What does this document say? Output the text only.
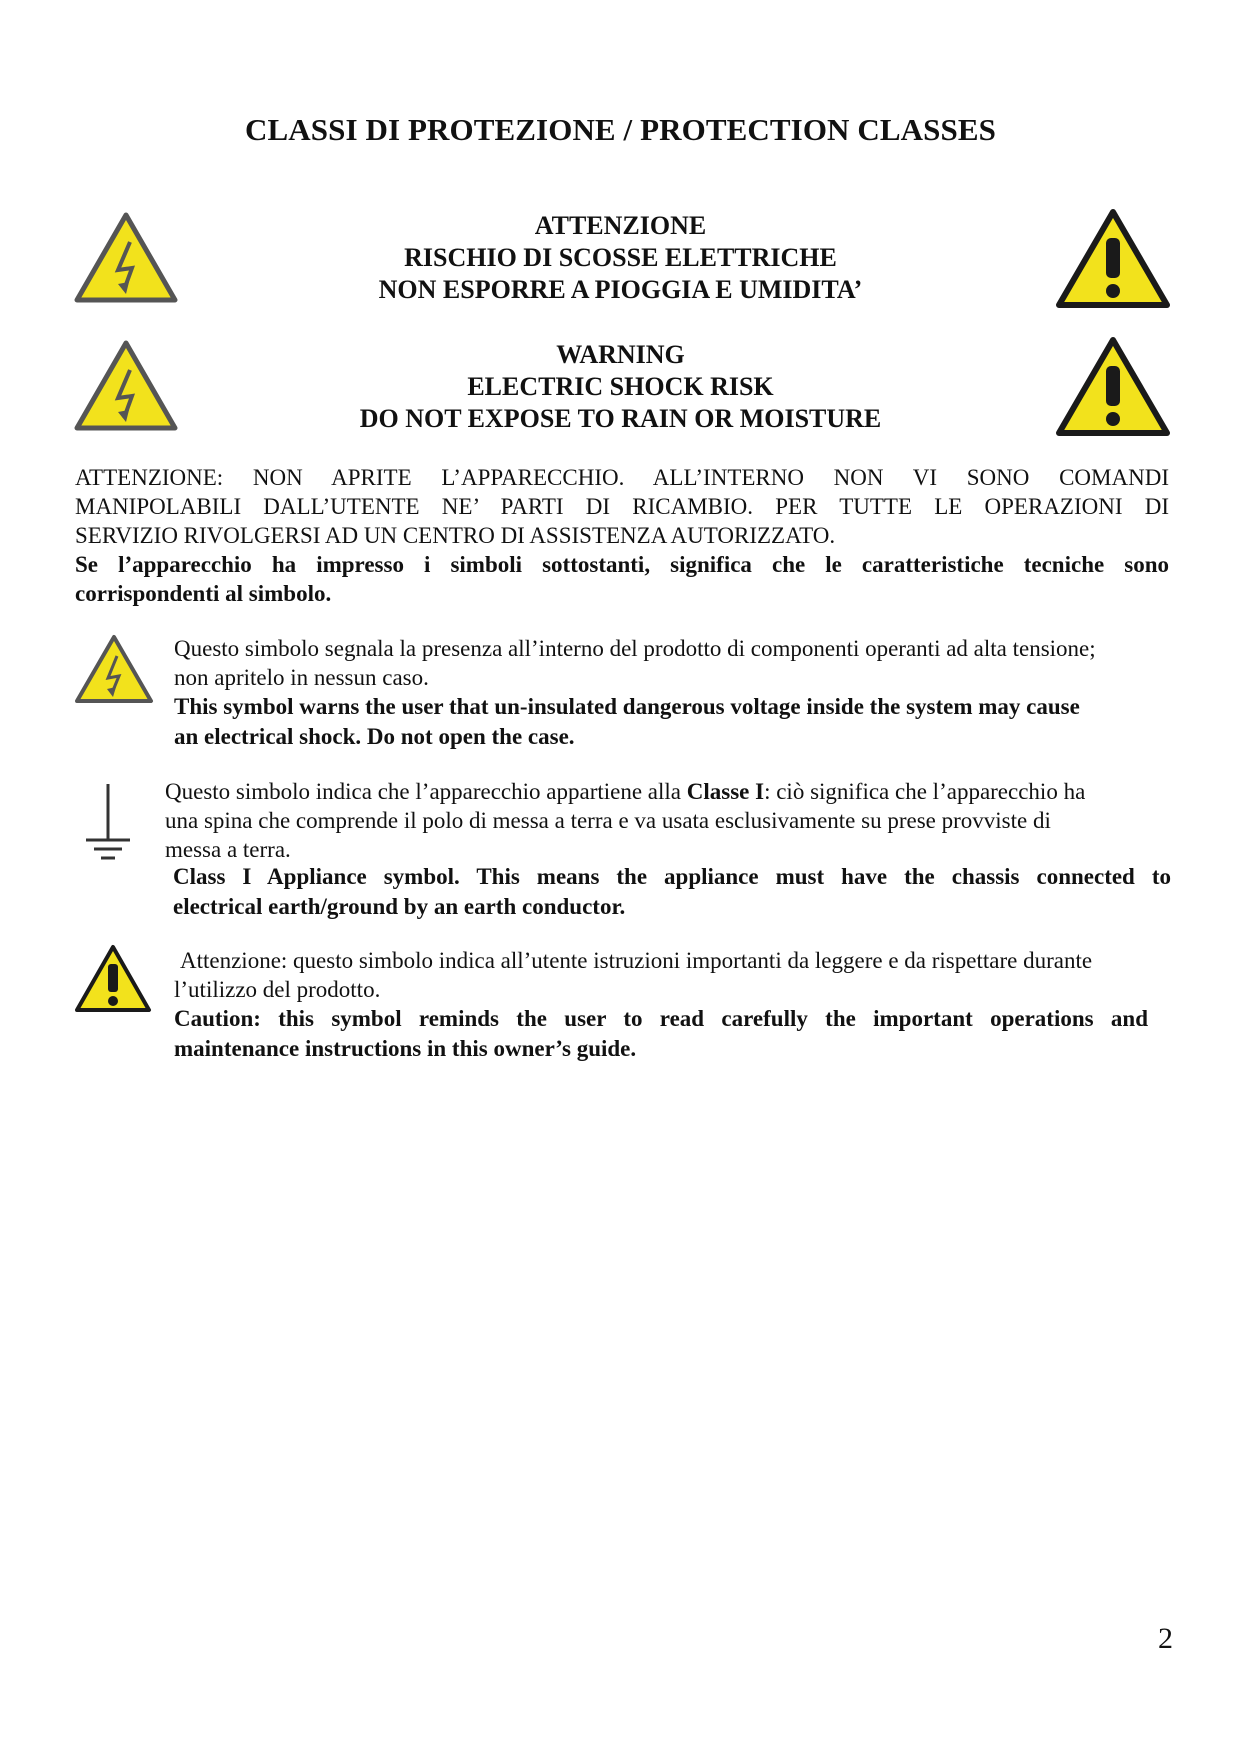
CLASSI DI PROTEZIONE / PROTECTION CLASSES
ATTENZIONE
RISCHIO DI SCOSSE ELETTRICHE
NON ESPORRE A PIOGGIA E UMIDITA’
WARNING
ELECTRIC SHOCK RISK
DO NOT EXPOSE TO RAIN OR MOISTURE
ATTENZIONE: NON APRITE L’APPARECCHIO. ALL’INTERNO NON VI SONO COMANDI
MANIPOLABILI DALL’UTENTE NE’ PARTI DI RICAMBIO. PER TUTTE LE OPERAZIONI DI
SERVIZIO RIVOLGERSI AD UN CENTRO DI ASSISTENZA AUTORIZZATO.
Se l’apparecchio ha impresso i simboli sottostanti, significa che le caratteristiche tecniche sono
corrispondenti al simbolo.
Questo simbolo segnala la presenza all’interno del prodotto di componenti operanti ad alta tensione;
non apritelo in nessun caso.
This symbol warns the user that un-insulated dangerous voltage inside the system may cause
an electrical shock. Do not open the case.
Questo simbolo indica che l’apparecchio appartiene alla Classe I: ciò significa che l’apparecchio ha
una spina che comprende il polo di messa a terra e va usata esclusivamente su prese provviste di
messa a terra.
Class I Appliance symbol. This means the appliance must have the chassis connected to
electrical earth/ground by an earth conductor.
Attenzione: questo simbolo indica all’utente istruzioni importanti da leggere e da rispettare durante
l’utilizzo del prodotto.
Caution: this symbol reminds the user to read carefully the important operations and
maintenance instructions in this owner’s guide.
2
